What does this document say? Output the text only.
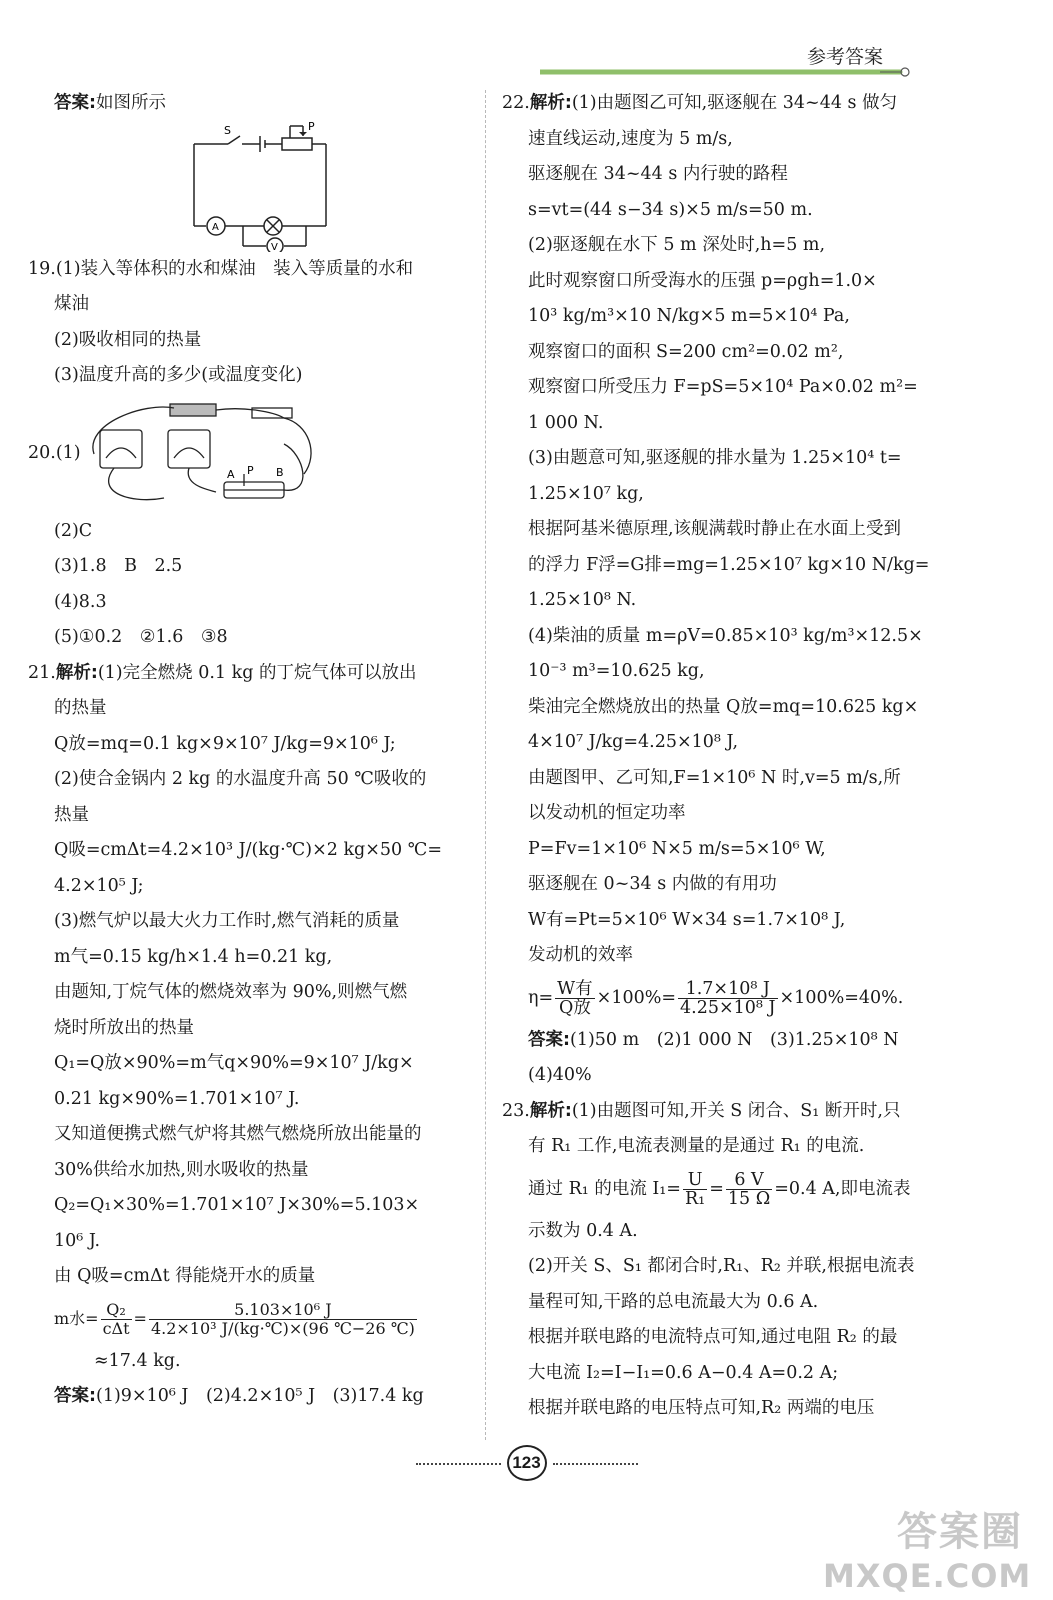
参考答案
答案:如图所示
S	P
A
V
19.(1)装入等体积的水和煤油　装入等质量的水和
煤油
(2)吸收相同的热量
(3)温度升高的多少(或温度变化)
20.(1)
A P B
(2)C
(3)1.8　B　2.5
(4)8.3
(5)①0.2　②1.6　③8
21.解析:(1)完全燃烧 0.1 kg 的丁烷气体可以放出
的热量
Q放=mq=0.1 kg×9×10⁷ J/kg=9×10⁶ J;
(2)使合金锅内 2 kg 的水温度升高 50 ℃吸收的
热量
Q吸=cmΔt=4.2×10³ J/(kg·℃)×2 kg×50 ℃=
4.2×10⁵ J;
(3)燃气炉以最大火力工作时,燃气消耗的质量
m气=0.15 kg/h×1.4 h=0.21 kg,
由题知,丁烷气体的燃烧效率为 90%,则燃气燃
烧时所放出的热量
Q₁=Q放×90%=m气q×90%=9×10⁷ J/kg×
0.21 kg×90%=1.701×10⁷ J.
又知道便携式燃气炉将其燃气燃烧所放出能量的
30%供给水加热,则水吸收的热量
Q₂=Q₁×30%=1.701×10⁷ J×30%=5.103×
10⁶ J.
由 Q吸=cmΔt 得能烧开水的质量
m水= $\frac{\text{Q₂}}{\text{cΔt}} = \frac{\text{5.103×10⁶ J}}{\text{4.2×10³ J/(kg·℃)×(96 ℃−26 ℃)}}$
≈17.4 kg.
答案:(1)9×10⁶ J　(2)4.2×10⁵ J　(3)17.4 kg
22.解析:(1)由题图乙可知,驱逐舰在 34~44 s 做匀
速直线运动,速度为 5 m/s,
驱逐舰在 34~44 s 内行驶的路程
s=vt=(44 s−34 s)×5 m/s=50 m.
(2)驱逐舰在水下 5 m 深处时,h=5 m,
此时观察窗口所受海水的压强 p=ρgh=1.0×
10³ kg/m³×10 N/kg×5 m=5×10⁴ Pa,
观察窗口的面积 S=200 cm²=0.02 m²,
观察窗口所受压力 F=pS=5×10⁴ Pa×0.02 m²=
1 000 N.
(3)由题意可知,驱逐舰的排水量为 1.25×10⁴ t=
1.25×10⁷ kg,
根据阿基米德原理,该舰满载时静止在水面上受到
的浮力 F浮=G排=mg=1.25×10⁷ kg×10 N/kg=
1.25×10⁸ N.
(4)柴油的质量 m=ρV=0.85×10³ kg/m³×12.5×
10⁻³ m³=10.625 kg,
柴油完全燃烧放出的热量 Q放=mq=10.625 kg×
4×10⁷ J/kg=4.25×10⁸ J,
由题图甲、乙可知,F=1×10⁶ N 时,v=5 m/s,所
以发动机的恒定功率
P=Fv=1×10⁶ N×5 m/s=5×10⁶ W,
驱逐舰在 0~34 s 内做的有用功
W有=Pt=5×10⁶ W×34 s=1.7×10⁸ J,
发动机的效率
$\eta= \frac{\text{W有}}{\text{Q放}} \times 100\%= \frac{\text{1.7×10⁸ J}}{\text{4.25×10⁸ J}} \times 100\%=40\%$.
答案:(1)50 m　(2)1 000 N　(3)1.25×10⁸ N
(4)40%
23.解析:(1)由题图可知,开关 S 闭合、S₁ 断开时,只
有 R₁ 工作,电流表测量的是通过 R₁ 的电流.
通过 R₁ 的电流 $I_1= \frac{U}{\text{R₁}} = \frac{6 V}{15 \Omega} =0.4$ A,即电流表
示数为 0.4 A.
(2)开关 S、S₁ 都闭合时,R₁、R₂ 并联,根据电流表
量程可知,干路的总电流最大为 0.6 A.
根据并联电路的电流特点可知,通过电阻 R₂ 的最
大电流 I₂=I−I₁=0.6 A−0.4 A=0.2 A;
根据并联电路的电压特点可知,R₂ 两端的电压
123
答案圈
MXQE.COM
